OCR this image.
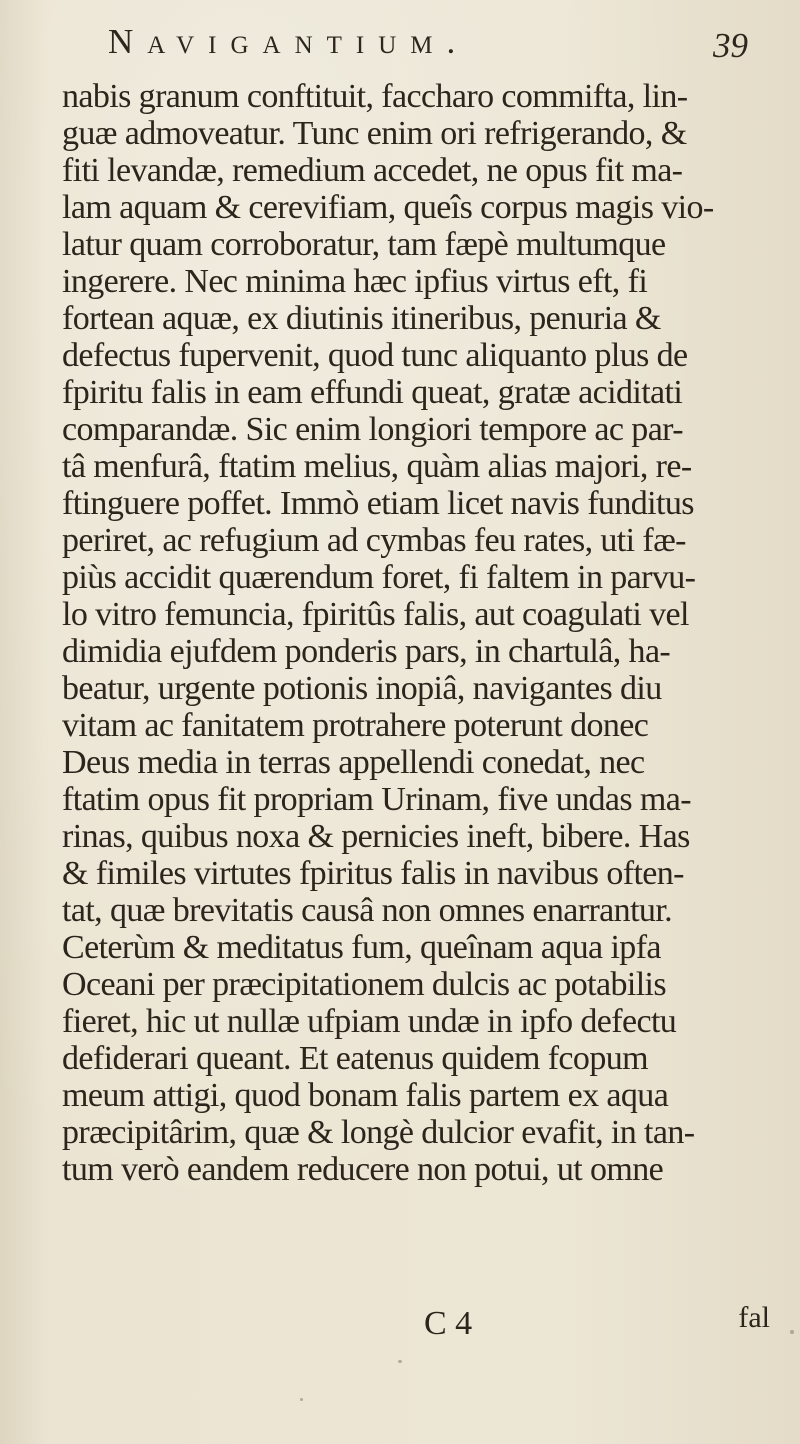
Navigantium.	39
nabis granum conftituit, faccharo commifta, lin-
guæ admoveatur. Tunc enim ori refrigerando, &
fiti levandæ, remedium accedet, ne opus fit ma-
lam aquam & cerevifiam, queîs corpus magis vio-
latur quam corroboratur, tam fæpè multumque
ingerere. Nec minima hæc ipfius virtus eft, fi
fortean aquæ, ex diutinis itineribus, penuria &
defectus fupervenit, quod tunc aliquanto plus de
fpiritu falis in eam effundi queat, gratæ aciditati
comparandæ. Sic enim longiori tempore ac par-
tâ menfurâ, ftatim melius, quàm alias majori, re-
ftinguere poffet. Immò etiam licet navis funditus
periret, ac refugium ad cymbas feu rates, uti fæ-
piùs accidit quærendum foret, fi faltem in parvu-
lo vitro femuncia, fpiritûs falis, aut coagulati vel
dimidia ejufdem ponderis pars, in chartulâ, ha-
beatur, urgente potionis inopiâ, navigantes diu
vitam ac fanitatem protrahere poterunt donec
Deus media in terras appellendi conedat, nec
ftatim opus fit propriam Urinam, five undas ma-
rinas, quibus noxa & pernicies ineft, bibere. Has
& fimiles virtutes fpiritus falis in navibus often-
tat, quæ brevitatis causâ non omnes enarrantur.
Ceterùm & meditatus fum, queînam aqua ipfa
Oceani per præcipitationem dulcis ac potabilis
fieret, hic ut nullæ ufpiam undæ in ipfo defectu
defiderari queant. Et eatenus quidem fcopum
meum attigi, quod bonam falis partem ex aqua
præcipitârim, quæ & longè dulcior evafit, in tan-
tum verò eandem reducere non potui, ut omne
C 4	fal
